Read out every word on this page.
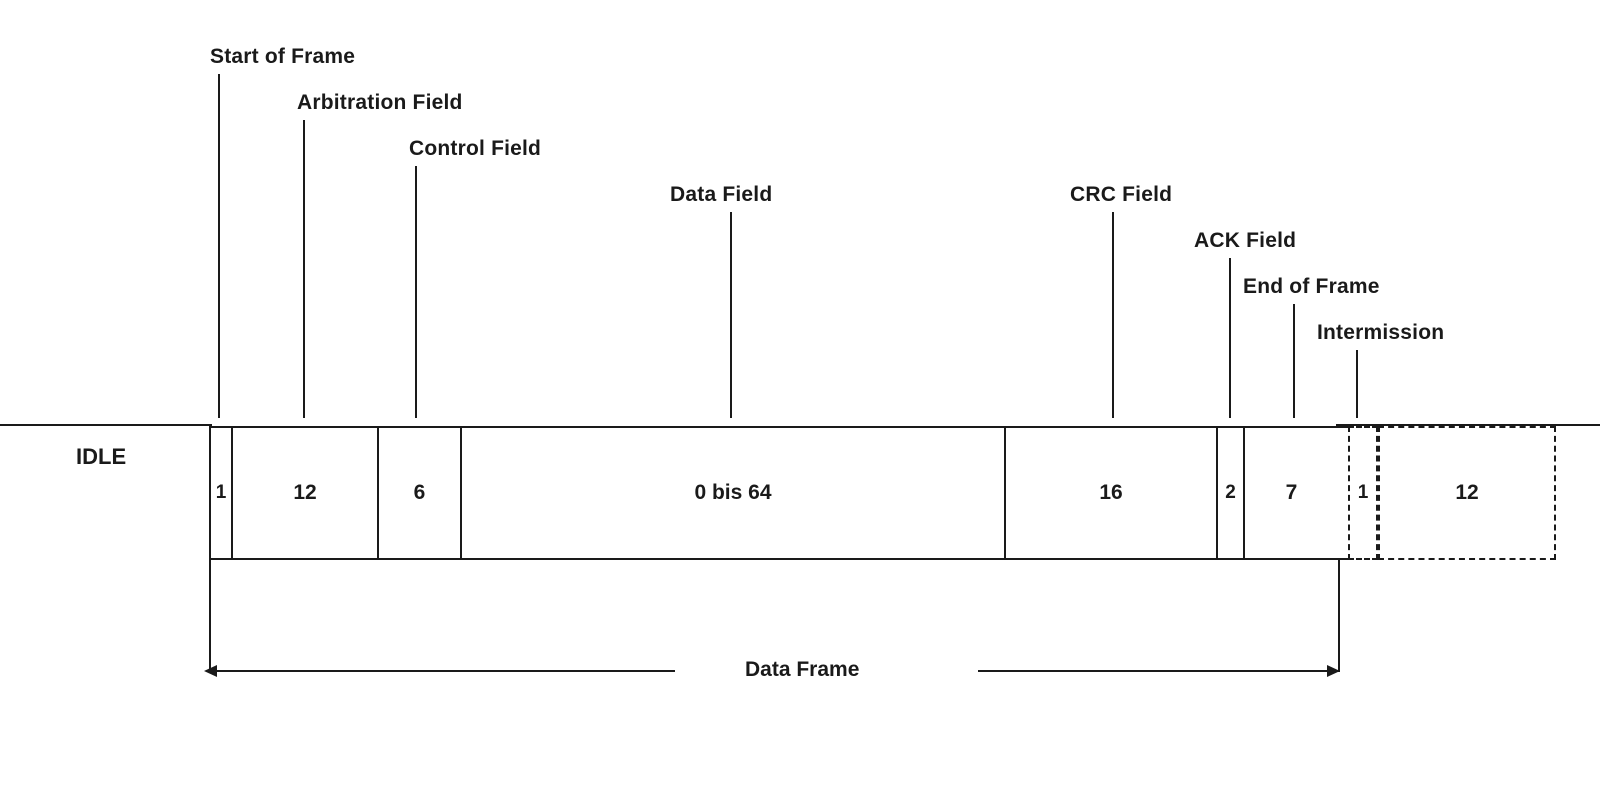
Start of Frame
Arbitration Field
Control Field
Data Field	CRC Field
ACK Field
End of Frame
Intermission
IDLE
1	12	6	0 bis 64	16	2 7	1	12
Data Frame
